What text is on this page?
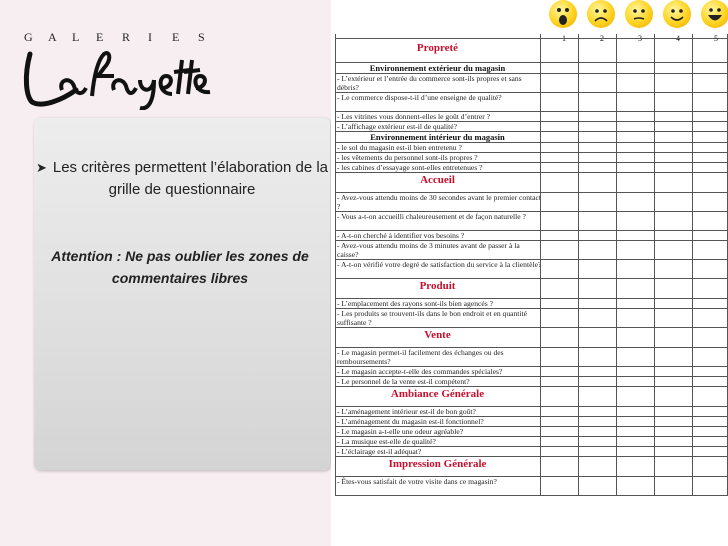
G A L E R I E S
➤ Les critères permettent l’élaboration de la grille de questionnaire
Attention : Ne pas oublier les zones de commentaires libres
1	2	3	4	5
Propreté
Environnement extérieur du magasin
- L’extérieur et l’entrée du commerce sont-ils propres et sans débris?
- Le commerce dispose-t-il d’une enseigne de qualité?
- Les vitrines vous donnent-elles le goût d’entrer ?
- L’affichage extérieur est-il de qualité?
Environnement intérieur du magasin
- le sol du magasin est-il bien entretenu ?
- les vêtements du personnel sont-ils propres ?
- les cabines d’essayage sont-elles entretenues ?
Accueil
- Avez-vous attendu moins de 30 secondes avant le premier contact ?
- Vous a-t-on accueilli chaleureusement et de façon naturelle ?
- A-t-on cherché à identifier vos besoins ?
- Avez-vous attendu moins de 3 minutes avant de passer à la caisse?
- A-t-on vérifié votre degré de satisfaction du service à la clientèle?
Produit
- L’emplacement des rayons sont-ils bien agencés ?
- Les produits se trouvent-ils dans le bon endroit et en quantité suffisante ?
Vente
- Le magasin permet-il facilement des échanges ou des remboursements?
- Le magasin accepte-t-elle des commandes spéciales?
- Le personnel de la vente est-il compétent?
Ambiance Générale
- L’aménagement intérieur est-il de bon goût?
- L’aménagement du magasin est-il fonctionnel?
- Le magasin a-t-elle une odeur agréable?
- La musique est-elle de qualité?
- L’éclairage est-il adéquat?
Impression Générale
- Êtes-vous satisfait de votre visite dans ce magasin?
